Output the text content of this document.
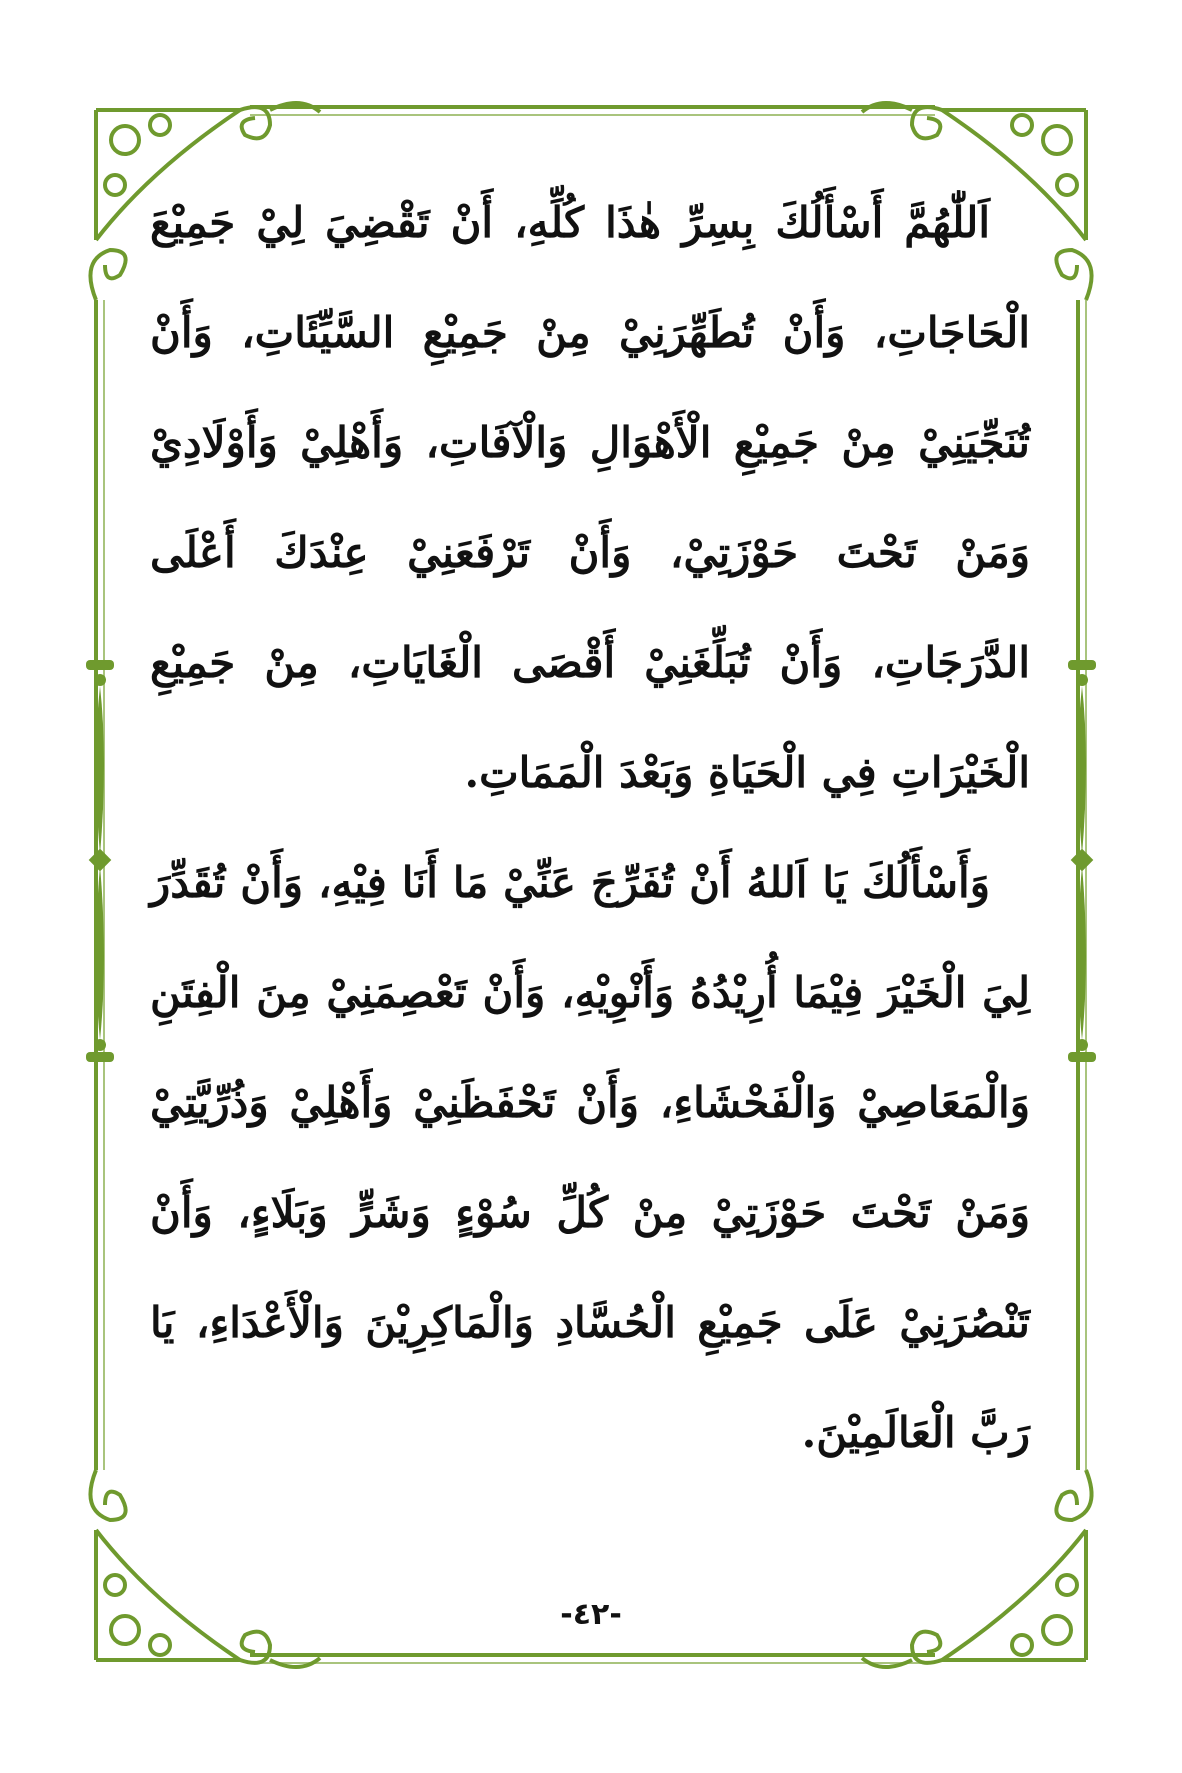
اَللّٰهُمَّ أَسْأَلُكَ بِسِرِّ هٰذَا كُلِّهِ، أَنْ تَقْضِيَ لِيْ جَمِيْعَ الْحَاجَاتِ، وَأَنْ تُطَهِّرَنِيْ مِنْ جَمِيْعِ السَّيِّئَاتِ، وَأَنْ تُنَجِّيَنِيْ مِنْ جَمِيْعِ الْأَهْوَالِ وَالْآفَاتِ، وَأَهْلِيْ وَأَوْلَادِيْ وَمَنْ تَحْتَ حَوْزَتِيْ، وَأَنْ تَرْفَعَنِيْ عِنْدَكَ أَعْلَى الدَّرَجَاتِ، وَأَنْ تُبَلِّغَنِيْ أَقْصَى الْغَايَاتِ، مِنْ جَمِيْعِ الْخَيْرَاتِ فِي الْحَيَاةِ وَبَعْدَ الْمَمَاتِ.

وَأَسْأَلُكَ يَا اَللهُ أَنْ تُفَرِّجَ عَنِّيْ مَا أَنَا فِيْهِ، وَأَنْ تُقَدِّرَ لِيَ الْخَيْرَ فِيْمَا أُرِيْدُهُ وَأَنْوِيْهِ، وَأَنْ تَعْصِمَنِيْ مِنَ الْفِتَنِ وَالْمَعَاصِيْ وَالْفَحْشَاءِ، وَأَنْ تَحْفَظَنِيْ وَأَهْلِيْ وَذُرِّيَّتِيْ وَمَنْ تَحْتَ حَوْزَتِيْ مِنْ كُلِّ سُوْءٍ وَشَرٍّ وَبَلَاءٍ، وَأَنْ تَنْصُرَنِيْ عَلَى جَمِيْعِ الْحُسَّادِ وَالْمَاكِرِيْنَ وَالْأَعْدَاءِ، يَا رَبَّ الْعَالَمِيْنَ.

-٤٢-
